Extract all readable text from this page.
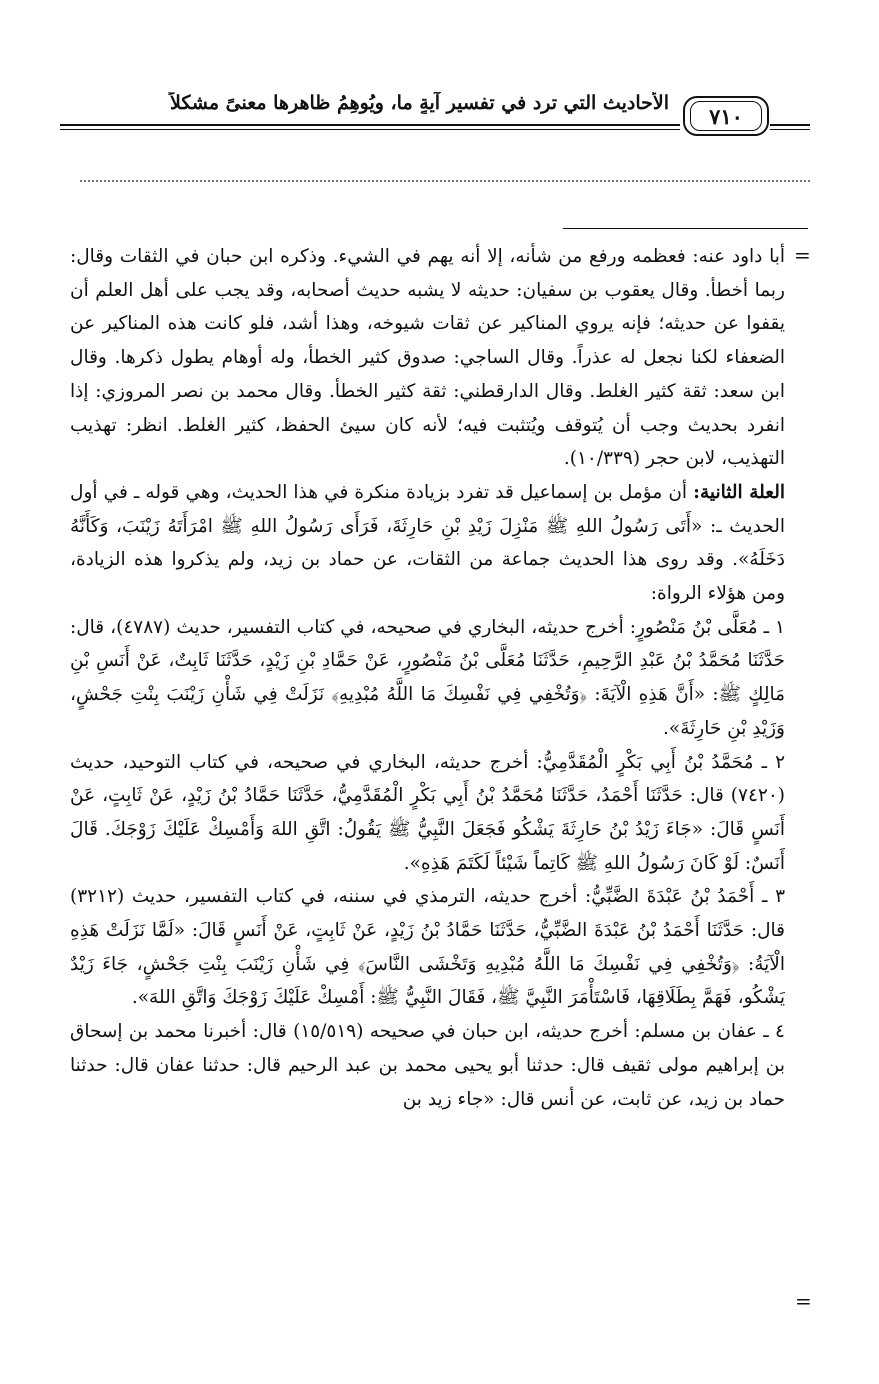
٧١٠
الأحاديث التي ترد في تفسير آيةٍ ما، ويُوهِمُ ظاهرها معنىً مشكلاً
=

أبا داود عنه: فعظمه ورفع من شأنه، إلا أنه يهم في الشيء. وذكره ابن حبان في الثقات وقال: ربما أخطأ. وقال يعقوب بن سفيان: حديثه لا يشبه حديث أصحابه، وقد يجب على أهل العلم أن يقفوا عن حديثه؛ فإنه يروي المناكير عن ثقات شيوخه، وهذا أشد، فلو كانت هذه المناكير عن الضعفاء لكنا نجعل له عذراً. وقال الساجي: صدوق كثير الخطأ، وله أوهام يطول ذكرها. وقال ابن سعد: ثقة كثير الغلط. وقال الدارقطني: ثقة كثير الخطأ. وقال محمد بن نصر المروزي: إذا انفرد بحديث وجب أن يُتوقف ويُتثبت فيه؛ لأنه كان سيئ الحفظ، كثير الغلط. انظر: تهذيب التهذيب، لابن حجر (١٠/٣٣٩).

العلة الثانية: أن مؤمل بن إسماعيل قد تفرد بزيادة منكرة في هذا الحديث، وهي قوله ـ في أول الحديث ـ: «أَتَى رَسُولُ اللهِ ﷺ مَنْزِلَ زَيْدِ بْنِ حَارِثَةَ، فَرَأَى رَسُولُ اللهِ ﷺ امْرَأَتَهُ زَيْنَبَ، وَكَأَنَّهُ دَخَلَهُ». وقد روى هذا الحديث جماعة من الثقات، عن حماد بن زيد، ولم يذكروا هذه الزيادة، ومن هؤلاء الرواة:

١ ـ مُعَلَّى بْنُ مَنْصُورٍ: أخرج حديثه، البخاري في صحيحه، في كتاب التفسير، حديث (٤٧٨٧)، قال: حَدَّثَنَا مُحَمَّدُ بْنُ عَبْدِ الرَّحِيمِ، حَدَّثَنَا مُعَلَّى بْنُ مَنْصُورٍ، عَنْ حَمَّادِ بْنِ زَيْدٍ، حَدَّثَنَا ثَابِتٌ، عَنْ أَنَسِ بْنِ مَالِكٍ ﷺ: «أَنَّ هَذِهِ الْآيَةَ: ﴿وَتُخْفِي فِي نَفْسِكَ مَا اللَّهُ مُبْدِيهِ﴾ نَزَلَتْ فِي شَأْنِ زَيْنَبَ بِنْتِ جَحْشٍ، وَزَيْدِ بْنِ حَارِثَةَ».

٢ ـ مُحَمَّدُ بْنُ أَبِي بَكْرٍ الْمُقَدَّمِيُّ: أخرج حديثه، البخاري في صحيحه، في كتاب التوحيد، حديث (٧٤٢٠) قال: حَدَّثَنَا أَحْمَدُ، حَدَّثَنَا مُحَمَّدُ بْنُ أَبِي بَكْرٍ الْمُقَدَّمِيُّ، حَدَّثَنَا حَمَّادُ بْنُ زَيْدٍ، عَنْ ثَابِتٍ، عَنْ أَنَسٍ قَالَ: «جَاءَ زَيْدُ بْنُ حَارِثَةَ يَشْكُو فَجَعَلَ النَّبِيُّ ﷺ يَقُولُ: اتَّقِ اللهَ وَأَمْسِكْ عَلَيْكَ زَوْجَكَ. قَالَ أَنَسٌ: لَوْ كَانَ رَسُولُ اللهِ ﷺ كَاتِماً شَيْئاً لَكَتَمَ هَذِهِ».

٣ ـ أَحْمَدُ بْنُ عَبْدَةَ الضَّبِّيُّ: أخرج حديثه، الترمذي في سننه، في كتاب التفسير، حديث (٣٢١٢) قال: حَدَّثَنَا أَحْمَدُ بْنُ عَبْدَةَ الضَّبِّيُّ، حَدَّثَنَا حَمَّادُ بْنُ زَيْدٍ، عَنْ ثَابِتٍ، عَنْ أَنَسٍ قَالَ: «لَمَّا نَزَلَتْ هَذِهِ الْآيَةُ: ﴿وَتُخْفِي فِي نَفْسِكَ مَا اللَّهُ مُبْدِيهِ وَتَخْشَى النَّاسَ﴾ فِي شَأْنِ زَيْنَبَ بِنْتِ جَحْشٍ، جَاءَ زَيْدٌ يَشْكُو، فَهَمَّ بِطَلَاقِهَا، فَاسْتَأْمَرَ النَّبِيَّ ﷺ، فَقَالَ النَّبِيُّ ﷺ: أَمْسِكْ عَلَيْكَ زَوْجَكَ وَاتَّقِ اللهَ».

٤ ـ عفان بن مسلم: أخرج حديثه، ابن حبان في صحيحه (١٥/٥١٩) قال: أخبرنا محمد بن إسحاق بن إبراهيم مولى ثقيف قال: حدثنا أبو يحيى محمد بن عبد الرحيم قال: حدثنا عفان قال: حدثنا حماد بن زيد، عن ثابت، عن أنس قال: «جاء زيد بن

=
